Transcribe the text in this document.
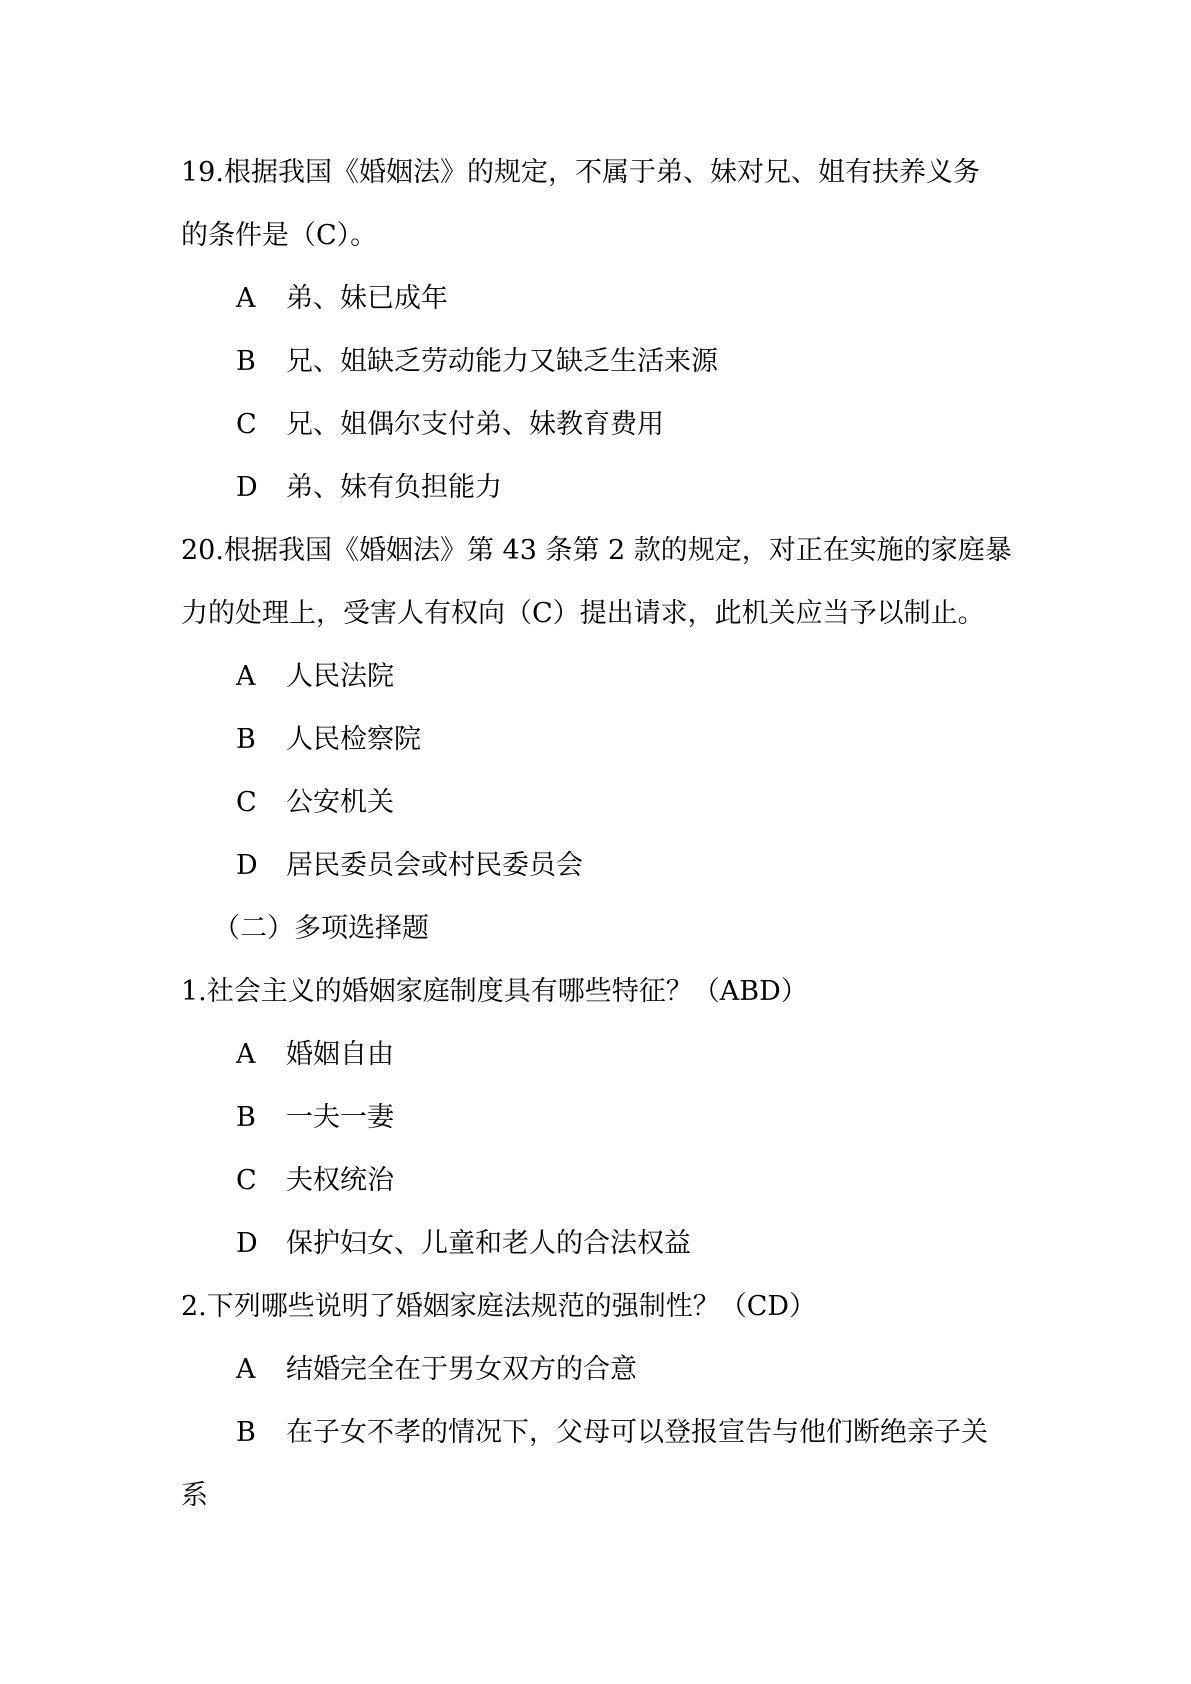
19.根据我国《婚姻法》的规定，不属于弟、妹对兄、姐有扶养义务
的条件是（C）。
A	弟、妹已成年
B	兄、姐缺乏劳动能力又缺乏生活来源
C	兄、姐偶尔支付弟、妹教育费用
D	弟、妹有负担能力
20.根据我国《婚姻法》第 43 条第 2 款的规定，对正在实施的家庭暴
力的处理上，受害人有权向（C）提出请求，此机关应当予以制止。
A	人民法院
B	人民检察院
C	公安机关
D	居民委员会或村民委员会
（二）多项选择题
1.社会主义的婚姻家庭制度具有哪些特征？（ABD）
A	婚姻自由
B	一夫一妻
C	夫权统治
D	保护妇女、儿童和老人的合法权益
2.下列哪些说明了婚姻家庭法规范的强制性？（CD）
A	结婚完全在于男女双方的合意
B	在子女不孝的情况下，父母可以登报宣告与他们断绝亲子关
系
